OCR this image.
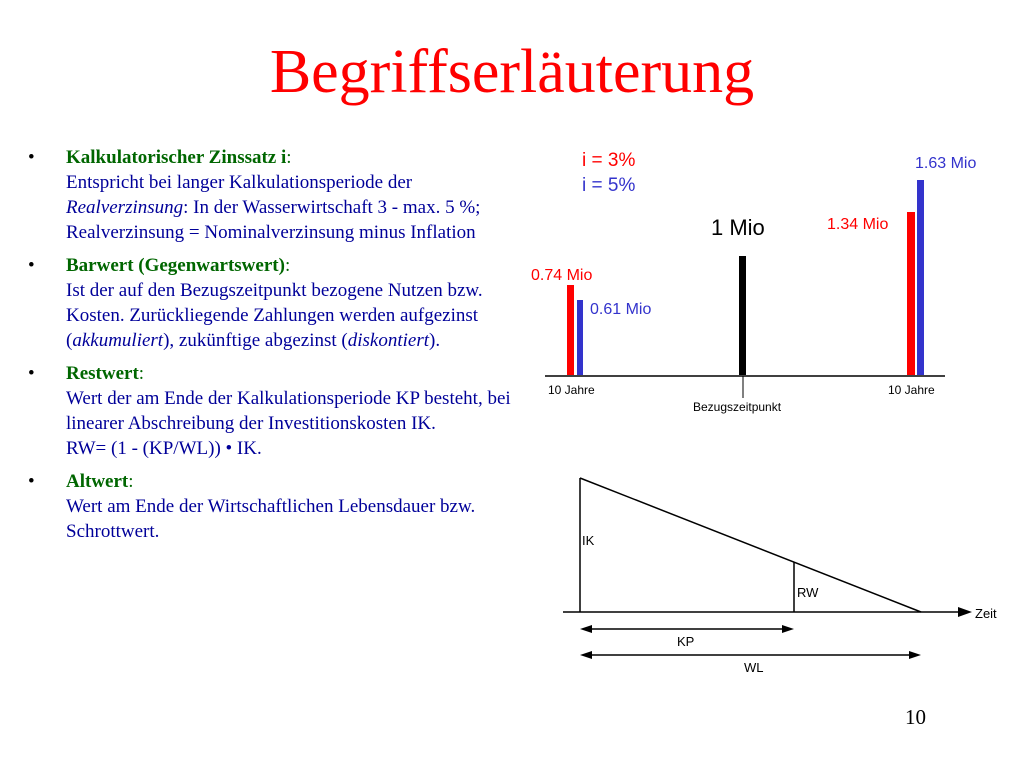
Begriffserläuterung
• Kalkulatorischer Zinssatz i:
Entspricht bei langer Kalkulationsperiode der
Realverzinsung: In der Wasserwirtschaft 3 - max. 5 %; Realverzinsung = Nominalverzinsung minus Inflation
• Barwert (Gegenwartswert):
Ist der auf den Bezugszeitpunkt bezogene Nutzen bzw. Kosten. Zurückliegende Zahlungen werden aufgezinst (akkumuliert), zukünftige abgezinst (diskontiert).
• Restwert:
Wert der am Ende der Kalkulationsperiode KP besteht, bei linearer Abschreibung der Investitionskosten IK.
RW= (1 - (KP/WL)) • IK.
• Altwert:
Wert am Ende der Wirtschaftlichen Lebensdauer bzw. Schrottwert.
i = 3%
i = 5%
0.74 Mio
0.61 Mio
1 Mio	1.34 Mio
1.63 Mio
10 Jahre	10 Jahre
Bezugszeitpunkt
IK
RW
Zeit
KP
WL
10
